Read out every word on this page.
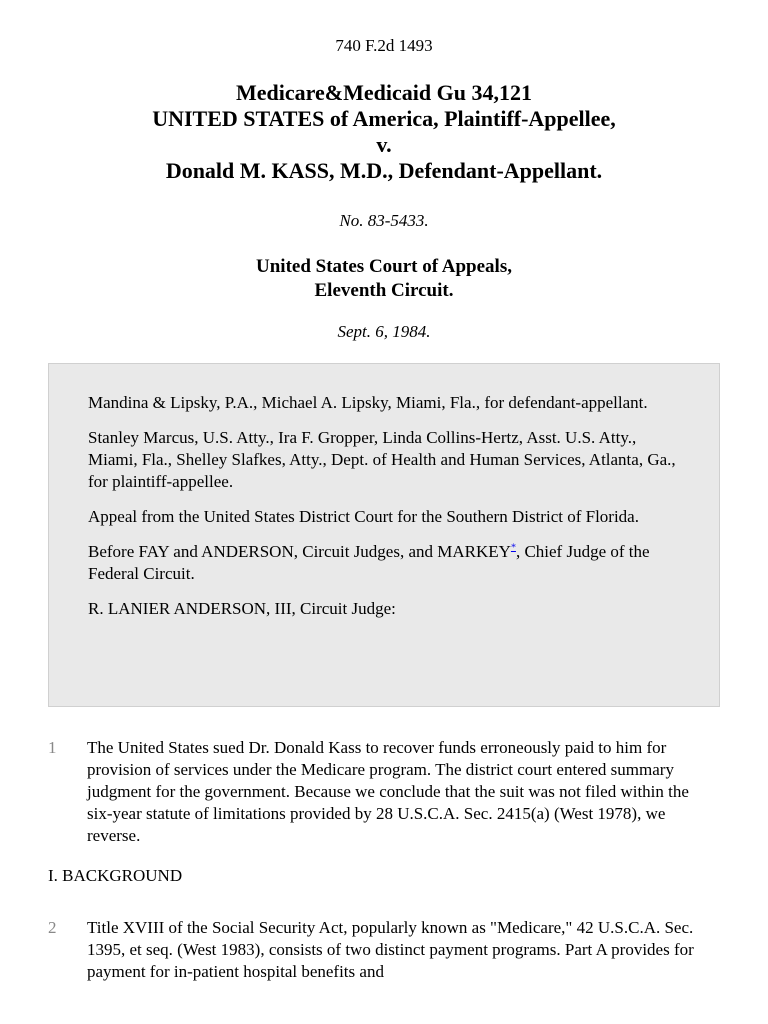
740 F.2d 1493
Medicare&Medicaid Gu 34,121
UNITED STATES of America, Plaintiff-Appellee,
v.
Donald M. KASS, M.D., Defendant-Appellant.
No. 83-5433.
United States Court of Appeals,
Eleventh Circuit.
Sept. 6, 1984.

Mandina & Lipsky, P.A., Michael A. Lipsky, Miami, Fla., for defendant-appellant.

Stanley Marcus, U.S. Atty., Ira F. Gropper, Linda Collins-Hertz, Asst. U.S. Atty., Miami, Fla., Shelley Slafkes, Atty., Dept. of Health and Human Services, Atlanta, Ga., for plaintiff-appellee.

Appeal from the United States District Court for the Southern District of Florida.

Before FAY and ANDERSON, Circuit Judges, and MARKEY*, Chief Judge of the Federal Circuit.

R. LANIER ANDERSON, III, Circuit Judge:

1 The United States sued Dr. Donald Kass to recover funds erroneously paid to him for provision of services under the Medicare program. The district court entered summary judgment for the government. Because we conclude that the suit was not filed within the six-year statute of limitations provided by 28 U.S.C.A. Sec. 2415(a) (West 1978), we reverse.
I. BACKGROUND
2 Title XVIII of the Social Security Act, popularly known as "Medicare," 42 U.S.C.A. Sec. 1395, et seq. (West 1983), consists of two distinct payment programs. Part A provides for payment for in-patient hospital benefits and
